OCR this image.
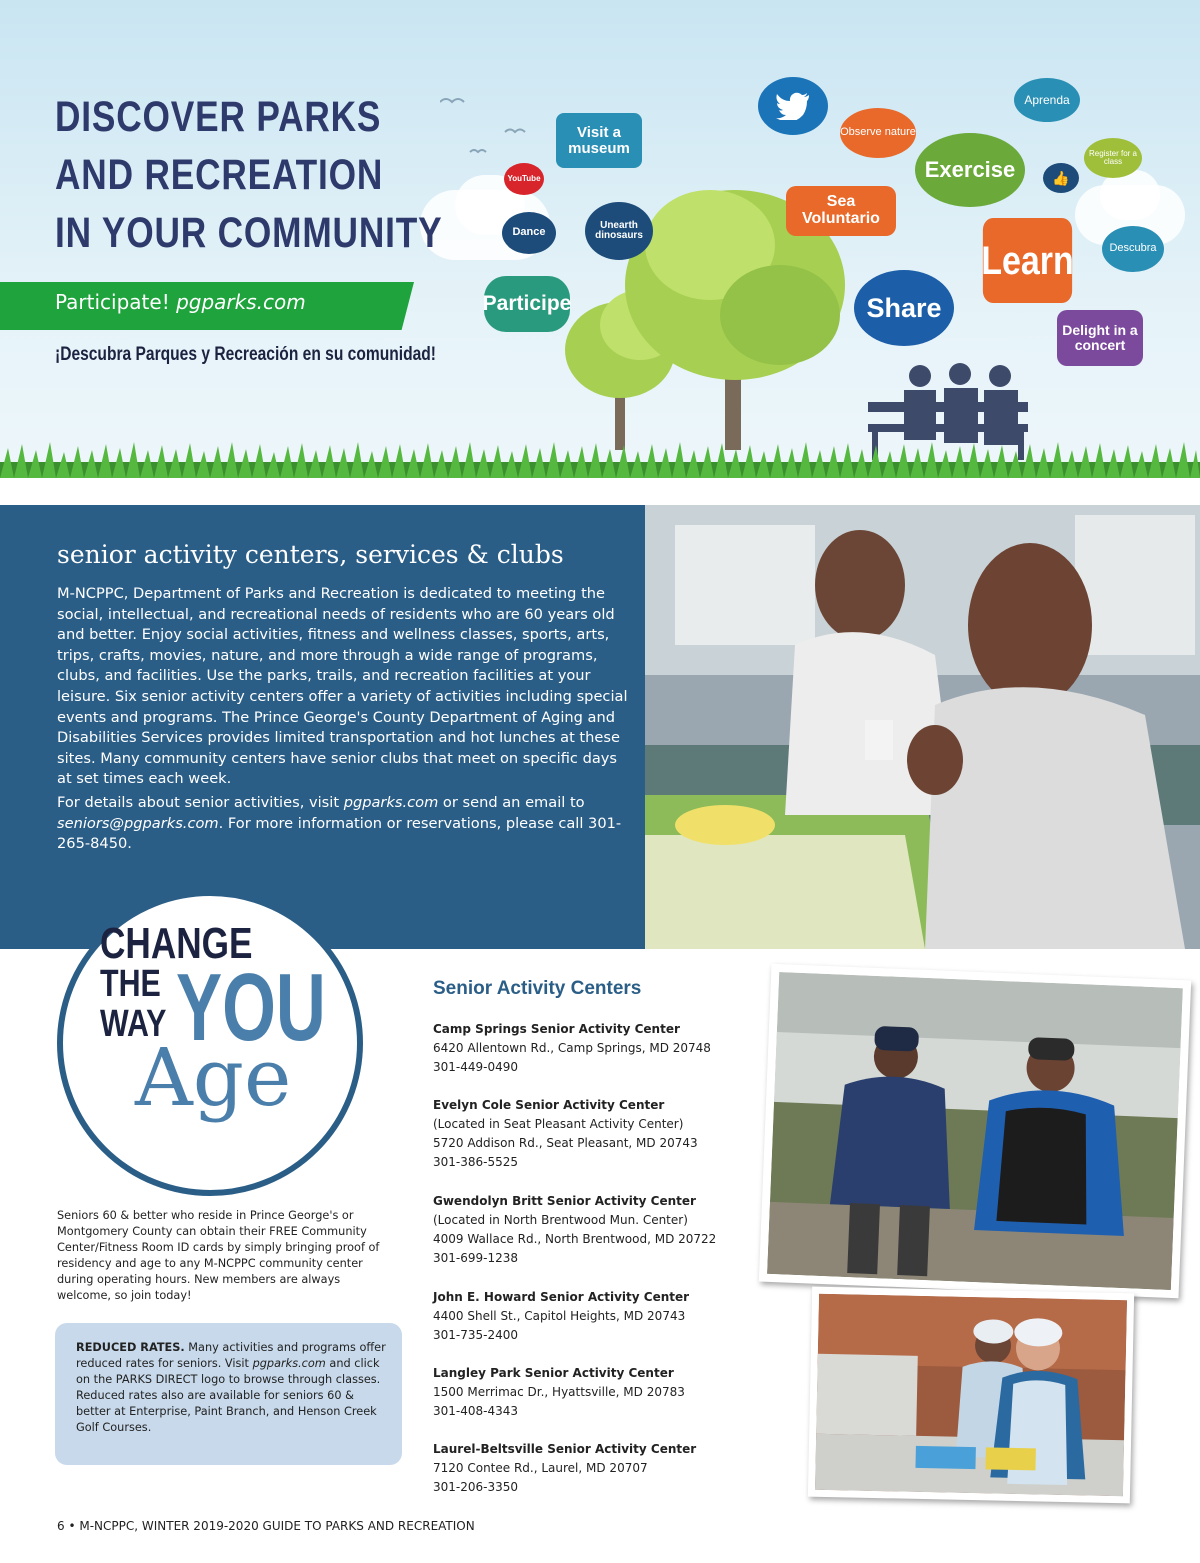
Visit a museum
YouTube
Dance
Unearth dinosaurs
Participe
Observe nature
Sea Voluntario
Exercise
Aprenda
👍
Register for a class
Learn	Descubra
Share
Delight in a concert
DISCOVER PARKS
AND RECREATION
IN YOUR COMMUNITY
Participate! pgparks.com
¡Descubra Parques y Recreación en su comunidad!
senior activity centers, services & clubs
M-NCPPC, Department of Parks and Recreation is dedicated to meeting the social, intellectual, and recreational needs of residents who are 60 years old and better. Enjoy social activities, fitness and wellness classes, sports, arts, trips, crafts, movies, nature, and more through a wide range of programs, clubs, and facilities. Use the parks, trails, and recreation facilities at your leisure. Six senior activity centers offer a variety of activities including special events and programs. The Prince George's County Department of Aging and Disabilities Services provides limited transportation and hot lunches at these sites. Many community centers have senior clubs that meet on specific days at set times each week.
For details about senior activities, visit pgparks.com or send an email to seniors@pgparks.com. For more information or reservations, please call 301-265-8450.
CHANGE
THE
WAY YOU
Age
Seniors 60 & better who reside in Prince George's or Montgomery County can obtain their FREE Community Center/Fitness Room ID cards by simply bringing proof of residency and age to any M-NCPPC community center during operating hours. New members are always welcome, so join today!

REDUCED RATES. Many activities and programs offer reduced rates for seniors. Visit pgparks.com and click on the PARKS DIRECT logo to browse through classes. Reduced rates also are available for seniors 60 & better at Enterprise, Paint Branch, and Henson Creek Golf Courses.

Senior Activity Centers
Camp Springs Senior Activity Center
6420 Allentown Rd., Camp Springs, MD 20748
301-449-0490
Evelyn Cole Senior Activity Center
(Located in Seat Pleasant Activity Center)
5720 Addison Rd., Seat Pleasant, MD 20743
301-386-5525
Gwendolyn Britt Senior Activity Center
(Located in North Brentwood Mun. Center)
4009 Wallace Rd., North Brentwood, MD 20722
301-699-1238
John E. Howard Senior Activity Center
4400 Shell St., Capitol Heights, MD 20743
301-735-2400
Langley Park Senior Activity Center
1500 Merrimac Dr., Hyattsville, MD 20783
301-408-4343
Laurel-Beltsville Senior Activity Center
7120 Contee Rd., Laurel, MD 20707
301-206-3350
6 • M-NCPPC, WINTER 2019-2020 GUIDE TO PARKS AND RECREATION
